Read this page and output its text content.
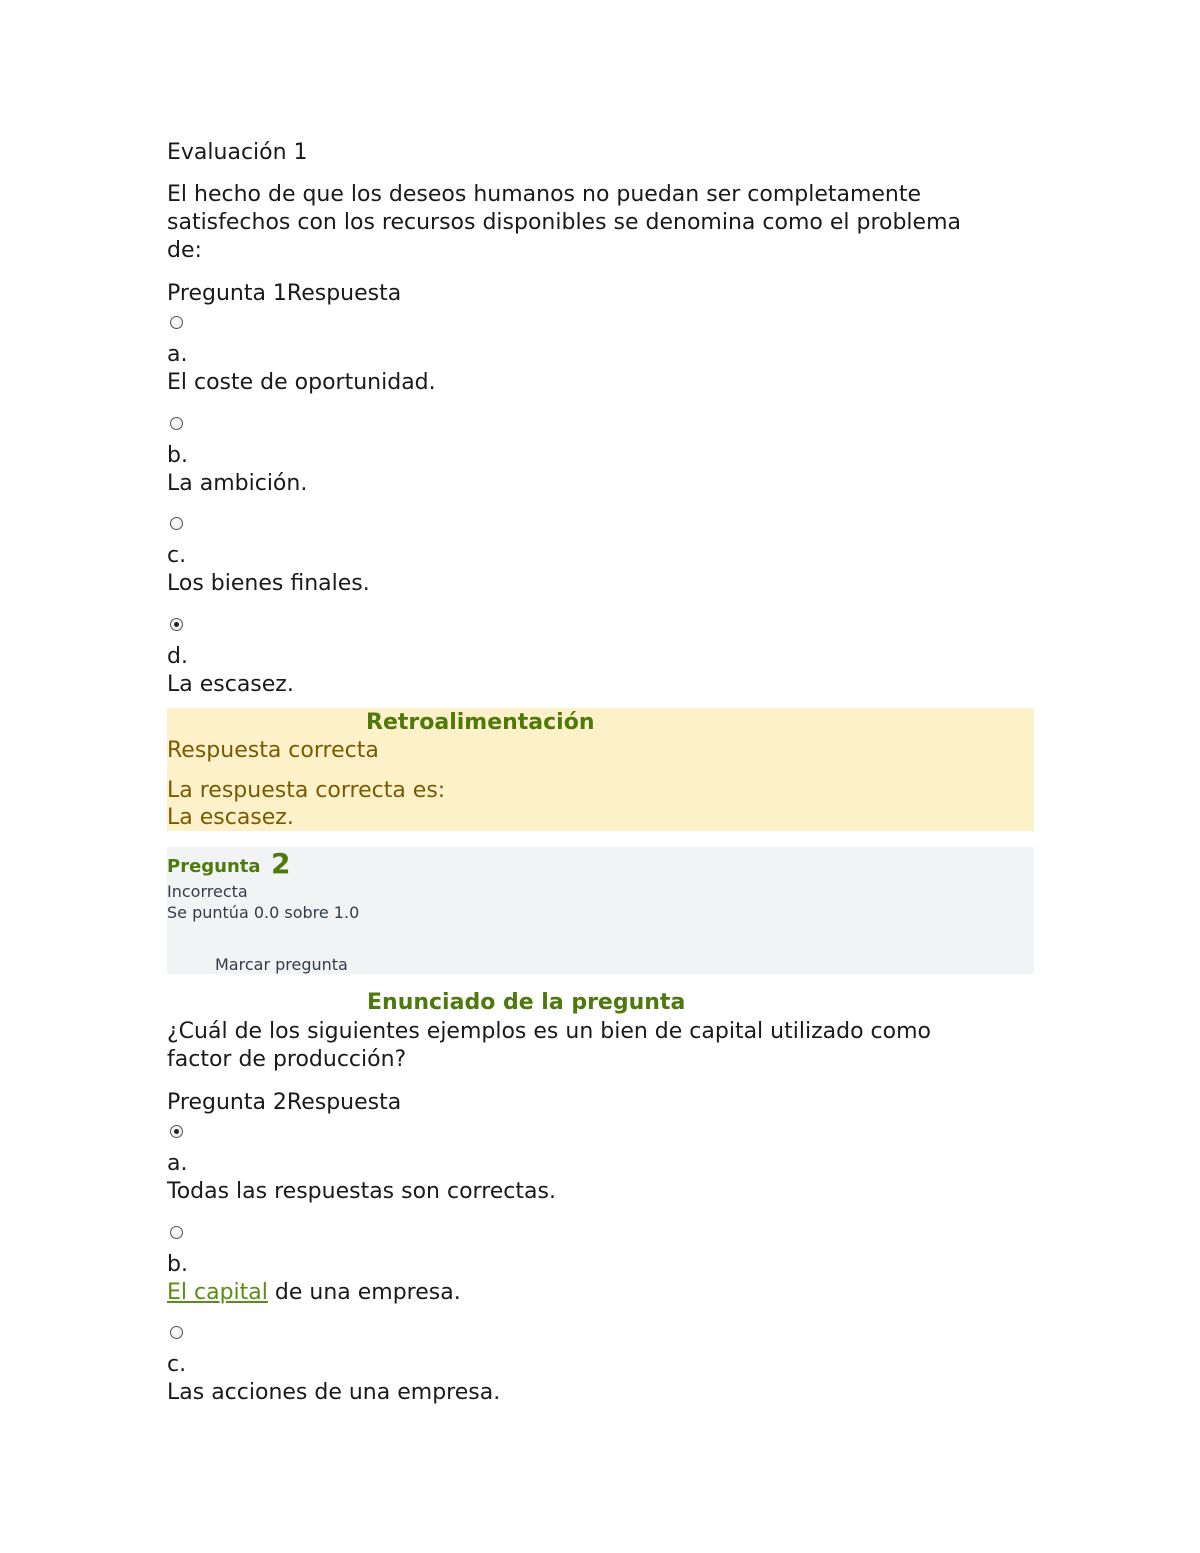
Evaluación 1
El hecho de que los deseos humanos no puedan ser completamente
satisfechos con los recursos disponibles se denomina como el problema
de:
Pregunta 1Respuesta
a.
El coste de oportunidad.
b.
La ambición.
c.
Los bienes finales.
d.
La escasez.
Retroalimentación
Respuesta correcta
La respuesta correcta es:
La escasez.
Pregunta 2
Incorrecta
Se puntúa 0.0 sobre 1.0
Marcar pregunta
Enunciado de la pregunta
¿Cuál de los siguientes ejemplos es un bien de capital utilizado como
factor de producción?
Pregunta 2Respuesta
a.
Todas las respuestas son correctas.
b.
El capital de una empresa.
c.
Las acciones de una empresa.
